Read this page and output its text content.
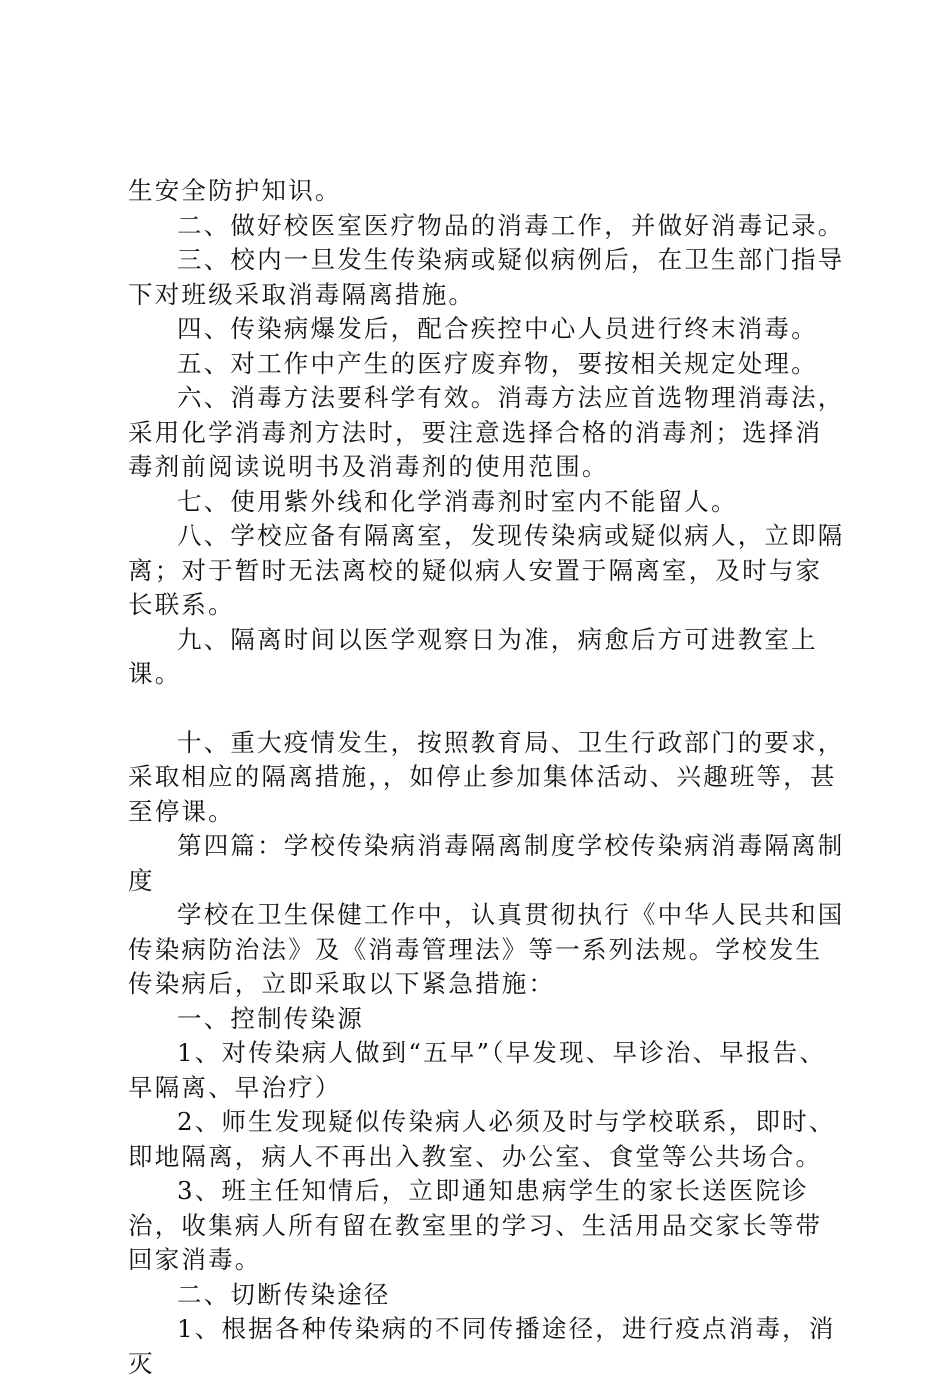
生安全防护知识。

二、做好校医室医疗物品的消毒工作，并做好消毒记录。

三、校内一旦发生传染病或疑似病例后，在卫生部门指导下对班级采取消毒隔离措施。

四、传染病爆发后，配合疾控中心人员进行终末消毒。

五、对工作中产生的医疗废弃物，要按相关规定处理。

六、消毒方法要科学有效。消毒方法应首选物理消毒法，采用化学消毒剂方法时，要注意选择合格的消毒剂；选择消毒剂前阅读说明书及消毒剂的使用范围。

七、使用紫外线和化学消毒剂时室内不能留人。

八、学校应备有隔离室，发现传染病或疑似病人，立即隔离；对于暂时无法离校的疑似病人安置于隔离室，及时与家长联系。

九、隔离时间以医学观察日为准，病愈后方可进教室上课。

十、重大疫情发生，按照教育局、卫生行政部门的要求，采取相应的隔离措施，，如停止参加集体活动、兴趣班等，甚至停课。

第四篇：学校传染病消毒隔离制度学校传染病消毒隔离制度

学校在卫生保健工作中，认真贯彻执行《中华人民共和国传染病防治法》及《消毒管理法》等一系列法规。学校发生传染病后，立即采取以下紧急措施：

一、控制传染源

1、对传染病人做到“五早”（早发现、早诊治、早报告、早隔离、早治疗）

2、师生发现疑似传染病人必须及时与学校联系，即时、即地隔离，病人不再出入教室、办公室、食堂等公共场合。

3、班主任知情后，立即通知患病学生的家长送医院诊治，收集病人所有留在教室里的学习、生活用品交家长等带回家消毒。

二、切断传染途径

1、根据各种传染病的不同传播途径，进行疫点消毒，消灭
